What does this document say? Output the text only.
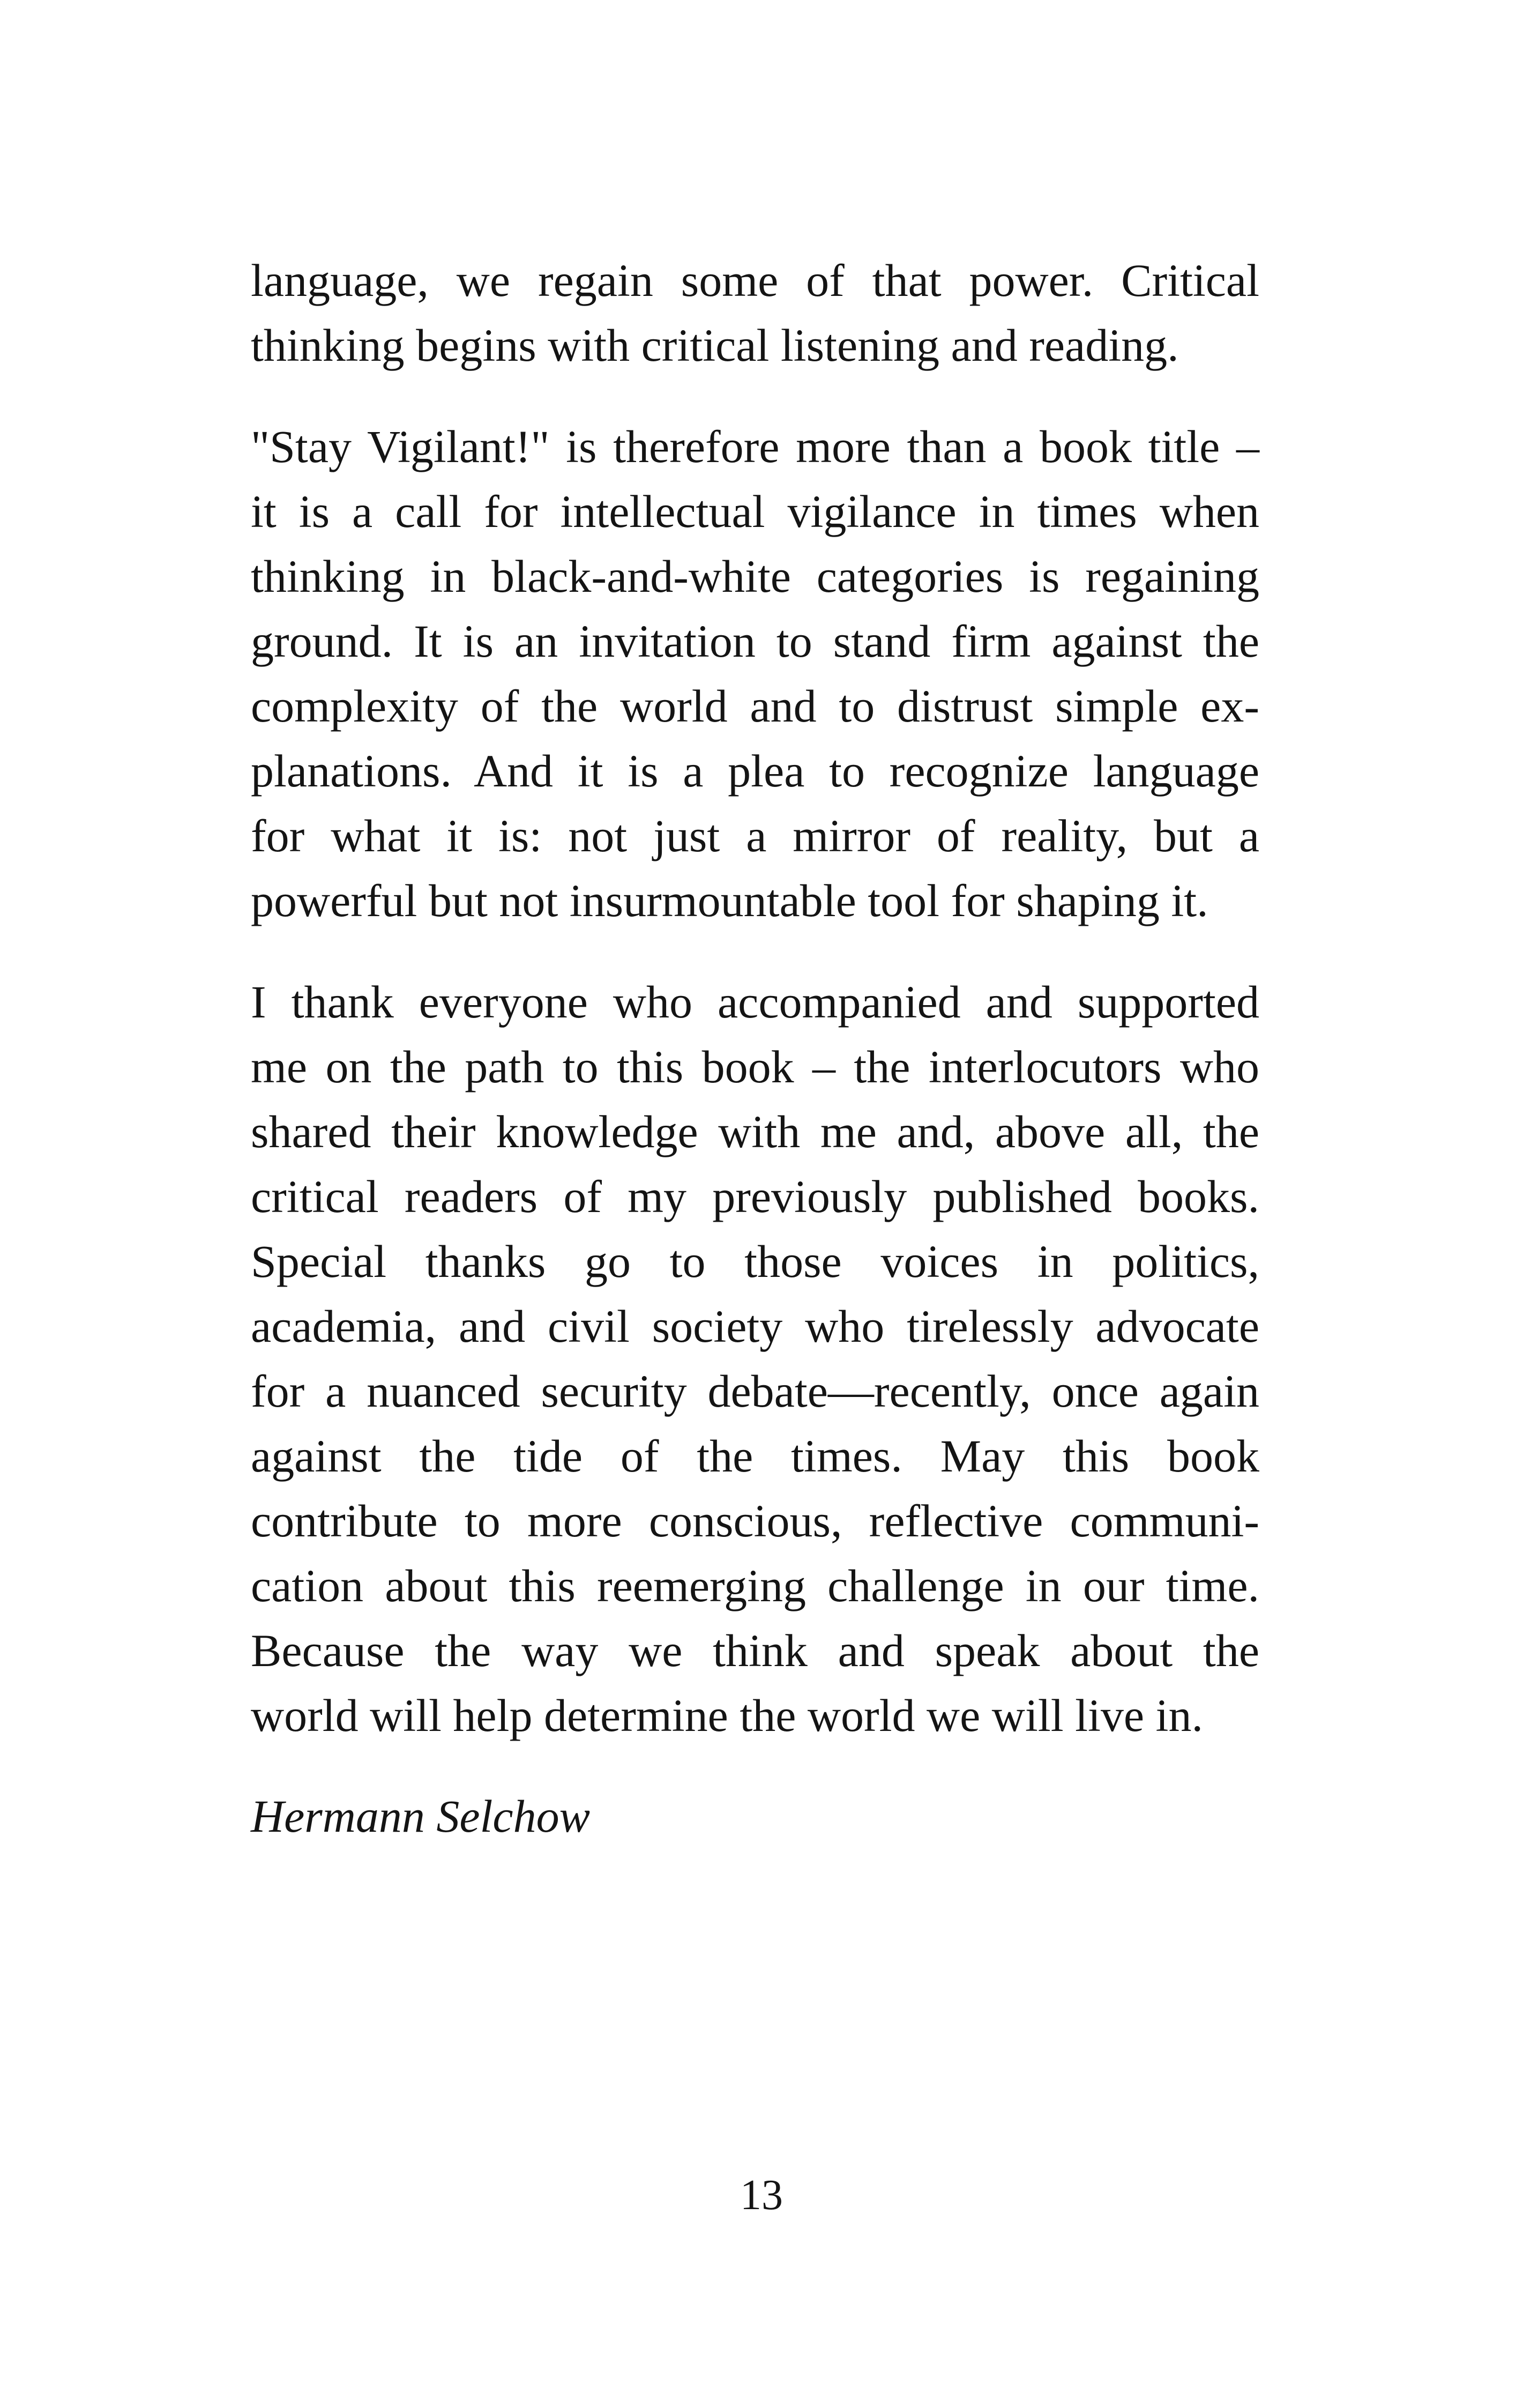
language, we regain some of that power. Critical
thinking begins with critical listening and reading.
"Stay Vigilant!" is therefore more than a book title –
it is a call for intellectual vigilance in times when
thinking in black-and-white categories is regaining
ground. It is an invitation to stand firm against the
complexity of the world and to distrust simple ex-
planations. And it is a plea to recognize language
for what it is: not just a mirror of reality, but a
powerful but not insurmountable tool for shaping it.
I thank everyone who accompanied and supported
me on the path to this book – the interlocutors who
shared their knowledge with me and, above all, the
critical readers of my previously published books.
Special thanks go to those voices in politics,
academia, and civil society who tirelessly advocate
for a nuanced security debate—recently, once again
against the tide of the times. May this book
contribute to more conscious, reflective communi-
cation about this reemerging challenge in our time.
Because the way we think and speak about the
world will help determine the world we will live in.
Hermann Selchow
13
